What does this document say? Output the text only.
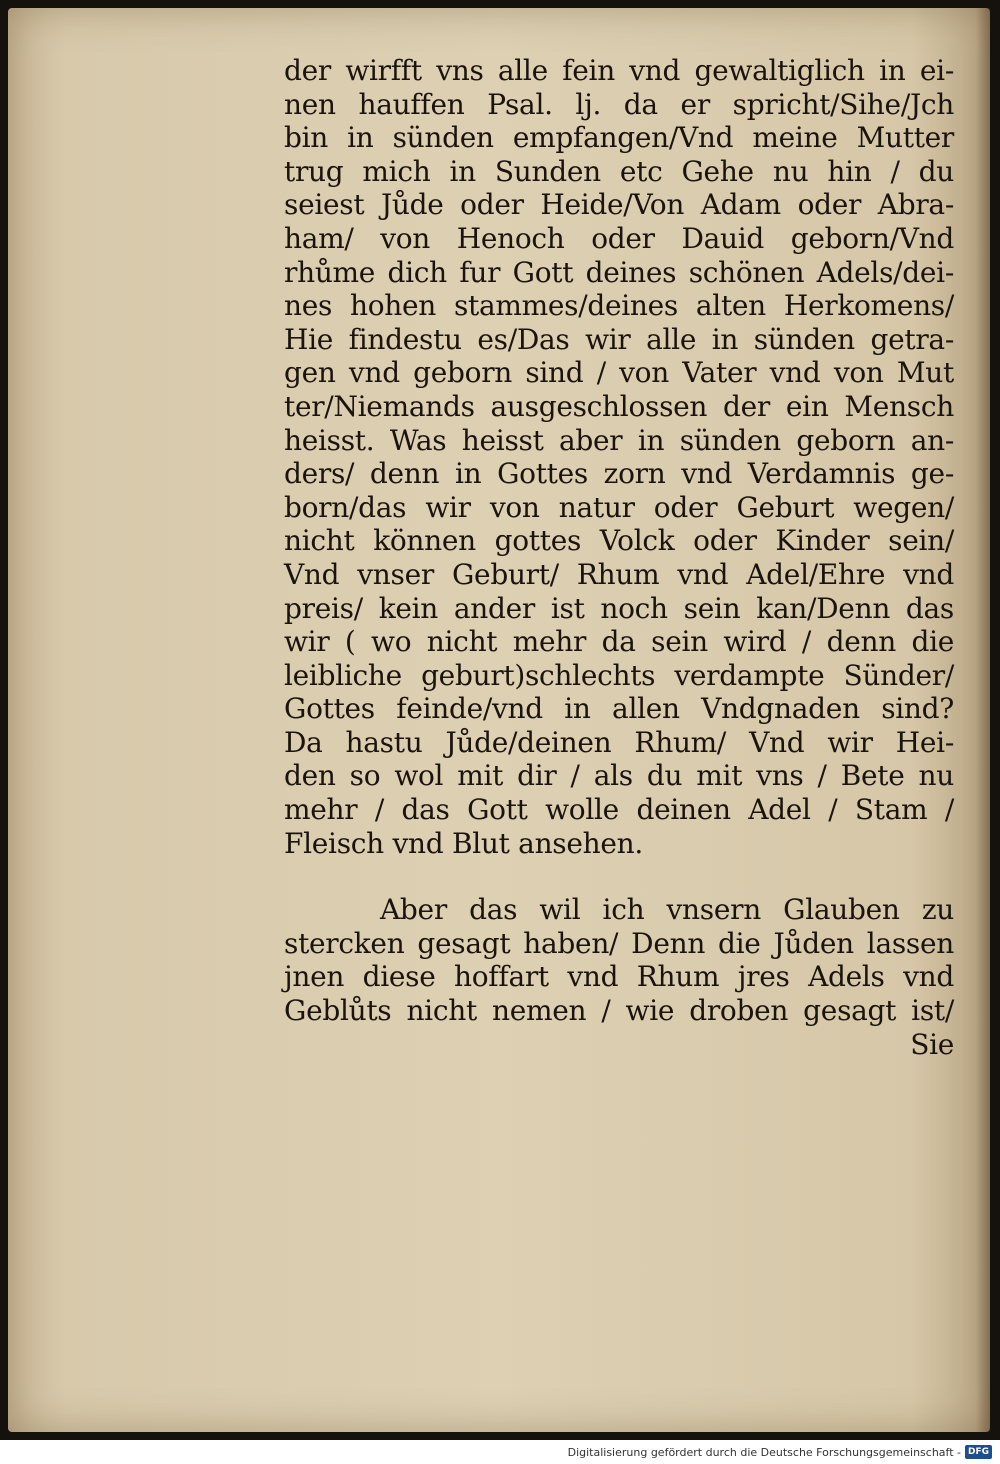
der wirfft vns alle fein vnd gewaltiglich in ei-
nen hauffen Psal. lj. da er spricht/Sihe/Jch
bin in sünden empfangen/Vnd meine Mutter
trug mich in Sunden etc Gehe nu hin / du
seiest Jůde oder Heide/Von Adam oder Abra-
ham/ von Henoch oder Dauid geborn/Vnd
rhůme dich fur Gott deines schönen Adels/dei-
nes hohen stammes/deines alten Herkomens/
Hie findestu es/Das wir alle in sünden getra-
gen vnd geborn sind / von Vater vnd von Mut
ter/Niemands ausgeschlossen der ein Mensch
heisst. Was heisst aber in sünden geborn an-
ders/ denn in Gottes zorn vnd Verdamnis ge-
born/das wir von natur oder Geburt wegen/
nicht können gottes Volck oder Kinder sein/
Vnd vnser Geburt/ Rhum vnd Adel/Ehre vnd
preis/ kein ander ist noch sein kan/Denn das
wir ( wo nicht mehr da sein wird / denn die
leibliche geburt)schlechts verdampte Sünder/
Gottes feinde/vnd in allen Vndgnaden sind?
Da hastu Jůde/deinen Rhum/ Vnd wir Hei-
den so wol mit dir / als du mit vns / Bete nu
mehr / das Gott wolle deinen Adel / Stam /
Fleisch vnd Blut ansehen.
Aber das wil ich vnsern Glauben zu
stercken gesagt haben/ Denn die Jůden lassen
jnen diese hoffart vnd Rhum jres Adels vnd
Geblůts nicht nemen / wie droben gesagt ist/
Sie
Digitalisierung gefördert durch die Deutsche Forschungsgemeinschaft - DFG
